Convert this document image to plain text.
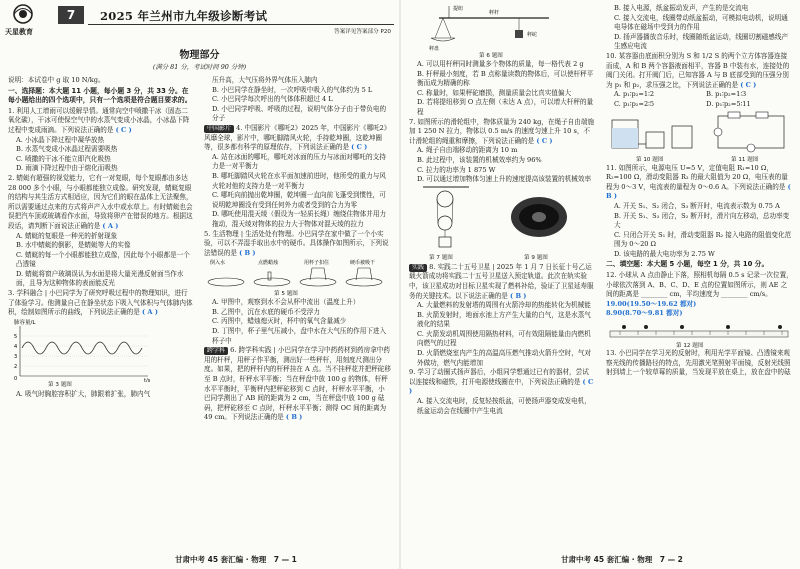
天星教育
7	2025 年兰州市九年级诊断考试
答案详见答案部分 P20
物理部分
(满分 81 分，考试时间 90 分钟)

说明：本试卷中 g 取 10 N/kg。

一、选择题：本大题 11 小题，每小题 3 分，共 33 分。在每小题给出的四个选项中，只有一个选项是符合题目要求的。

1. 利用人工增雨可以缓解旱情。通常向空中喷撒干冰（固态二氧化碳），干冰可使保空气中的水蒸气变成小冰晶，小冰晶下降过程中变成雨滴。下列说法正确的是 ( C )

A. 小冰晶下降过程中凝华放热

B. 水蒸气变成小冰晶过程需要吸热

C. 喷撒的干冰不能立即汽化吸热

D. 雨滴下降过程中由于熔化而吸热

2. 蜻蜓有超强的视觉能力，它有一对复眼，每个复眼都由多达 28 000 多个小眼，与小眼都能独立成像。研究发现，蜻蜓复眼的结构与其生活方式相适应，因为它们的眼在晶体上无法聚焦，所以需要通过点来的方式将声产入水中或水草上。有时蜻蜓也会误把汽车顶或玻璃看作水面，导致将卵产在错误的地方。根据这段话，请判断下面说法正确的是 ( A )

A. 蜻蜓的复眼是一种光的折射现象

B. 水中蜻蜓的倒影，是蜻蜓等大的实像

C. 蜻蜓的每一个小眼都能独立成像，因此每个小眼都是一个凸透镜

D. 蜻蜓将窗户玻璃误认为水面是将大量光漫反射面当作水面，且导为这种物体的表面能反光

3. 学科融合 | 小巴同学为了研究呼吸过程中的物理知识，进行了体验学习。他测量自己在静坐状态下吸入气体积与气体肺内体积，绘制如图所示的曲线，下列说法正确的是 ( A )

肺容量/L
5
4
3
2
0	t/s
第 3 题图

A. 吸气时胸腔容积扩大，肺跟着扩张，肺内气

压升高，大气压将外界气体压入肺内

B. 小巴同学在静坐时，一次呼吸中吸入的气体约为 5 L

C. 小巴同学每次呼出的气体体积超过 4 L

D. 小巴同学呼吸、呼吸的过程，说明气体分子由于带负电的分子

中国影片 4. 中国影片《哪吒2》2025 年，中国影片《哪吒2》风靡全球，影片中，哪吒脚踏风火轮，手持乾坤圈，这乾坤圈等，很多都有科学的原理依存，下列说法正确的是 ( C )

A. 站在冰面的哪吒，哪吒对冰面的压力与冰面对哪吒的支持力是一对平衡力

B. 哪吒脚踏风火轮在水平面加速前进时，他所受的重力与风火轮对他的支持力是一对平衡力

C. 哪吒向前抛出乾坤圈，乾坤圈一直向前飞蓬受到惯性，可说明乾坤圈没有受到任何外力或者受到的合力为零

D. 哪吒使用混天绫（假设为一轻质长绳）缠绕住物体并用力拖动，混天绫对物体的拉力大于物体对混天绫的拉力

5. 生活物理 | 生活处处有物理。小巴同学在家中做了一个小实验，可以不弄湿手取出水中的硬币。具体操作如图所示，下列说法错误的是 ( B )

倒入水	点燃蜡烛	用杯子扣住	硬币被吸干
第 5 题图

A. 甲图中，观察到水不会从杯中流出（温度上升）

B. 乙图中，沉在水底的硬币不受浮力

C. 丙图中，蜡烛熄灭时，杯中的氧气含量减少

D. 丁图中，杯子里气压减小，盘中水在大气压的作用下进入杯子中

跨学科 6. 跨学科实践 | 小巴同学在学习中药药材到药房拿中药用的杆秤，用秤子作平衡，测出好一些秤杆，用刻度尺测出分度。如果，把的秤杆内的杆秤挂在 A 点。当不挂秤花并把秤砣移至 B 点时，杆秤水平平衡；当在秤盘中放 100 g 的物体，杆秤水平平衡时，平衡秤内把秤砣移到 C 点时，杆秤水平平衡，小巴同学测出了 AB 间的距离为 2 cm，当在秤盘中放 100 g 砝码，把秤砣移至 C 点时，杆秤水平平衡；测得 OC 间的距离为 49 cm。下列说法正确的是 ( B )

甘肃中考 45 套汇编 · 物理　 7 — 1
提纽
秤杆
秤砣
秤盘
第 6 题图

A. 可以用杆秤同时测量多个物体的质量，每一格代表 2 g

B. 杆秤最小刻度，若 B 点称量读数的物体后，可以使杆秤平衡而成为精确的称

C. 称量时，如果秤砣磨损，测量质量会比真实值偏大

D. 若将提纽移到 O 点左侧（未达 A 点），可以增大杆秤的量程

7. 如图所示的滑轮组中，物体质量为 240 kg，在绳子自由端施加 1 250 N 拉力，物体以 0.5 m/s 的速度匀速上升 10 s，不计滑轮组的绳重和摩擦，下列说法正确的是 ( C )

A. 绳子自由端移动的距离为 10 m

B. 此过程中，该装置的机械效率约为 96%

C. 拉力的功率为 1 875 W

D. 可以通过增加物体匀速上升的速度提高该装置的机械效率

第 7 题图	第 9 题图

实践 8. 实践二十五号卫星 | 2025 年 1 月 7 日长征十号乙运载火箭成功将实践二十五号卫星送入预定轨道。此次在轨实验中，该卫星成功对目标卫星实现了燃料补给，验证了卫星延寿服务的关键技术。以下说法正确的是 ( B )

A. 大量燃料的发射塔的周围有火箭冷却的热能转化为机械能

B. 火箭发射时，地面水池上方产生大量的白气，这是水蒸气液化的结果

C. 火箭发动机周围使用隔热材料，可有效阻隔能量由内燃机向燃气的过程

D. 火箭燃烧室内产生的高温高压燃气推动火箭升空时，气对外做功，燃气内能增加

9. 学习了动圈式扬声器后，小组同学想通过已有的器材，尝试以连接线和磁铁，打开电源使线圈在中，下列说法正确的是 ( C )

A. 接入交流电时，反复轻按纸盆，可使扬声器变成发电机，纸盆运动会在线圈中产生电流

B. 接入电源，纸盆振动发声，产生的是交流电

C. 接入交流电，线圈带动纸盆振动，可模拟电动机，说明通电导体在磁场中受到力的作用

D. 扬声器播放音乐时，线圈随纸盆运动，线圈切割磁感线产生感应电流

10. 某容器由底面积分别为 S 和 1/2 S 的两个立方体容器连接而成，A 和 B 两个容器液面相平，容器 B 中装有水，连接处的阀门关闭。打开阀门后，已知容器 A 与 B 底部受到的压强分别为 p₁ 和 p₂，求压强之比，下列说法正确的是 ( C )

A. p₁∶p₂=1∶2	B. p₁∶p₂=1∶3

C. p₁∶p₂=2∶5	D. p₁∶p₂=5∶11

第 10 题图	第 11 题图

11. 如图所示，电源电压 U=5 V，定值电阻 R₁=10 Ω，R₂=100 Ω，滑动变阻器 R₃ 的最大阻值为 20 Ω，电压表的量程为 0～3 V，电流表的量程为 0～0.6 A。下列说法正确的是 ( B )

A. 开关 S₁、S₂ 闭合，S₃ 断开时，电流表示数为 0.75 A

B. 开关 S₁、S₃ 闭合，S₂ 断开时，滑片向左移动，总功率变大

C. 只闭合开关 S₁ 时，滑动变阻器 R₂ 接入电路的阻值变化范围为 0～20 Ω

D. 该电路的最大电功率为 2.75 W

二、填空题：本大题 5 小题，每空 1 分，共 10 分。

12. 小球从 A 点由静止下落，照相机每隔 0.5 s 记录一次位置，小球依次落到 A、B、C、D、E 点的位置如图所示，则 AE 之间的距离是 ________ cm，平均速度为 ________ cm/s。

19.00(19.50～19.62 都对)

8.90(8.70～9.81 都对)

第 12 题图

13. 小巴同学在学习光的反射时，利用光学平面镜、凸透镜来观察光线的传播路径的特点，先用激光笔照射平面镜，反射光线照射到墙上一个较草莓的质量，当发现平放在桌上，放在盘中的砝

甘肃中考 45 套汇编 · 物理　 7 — 2
